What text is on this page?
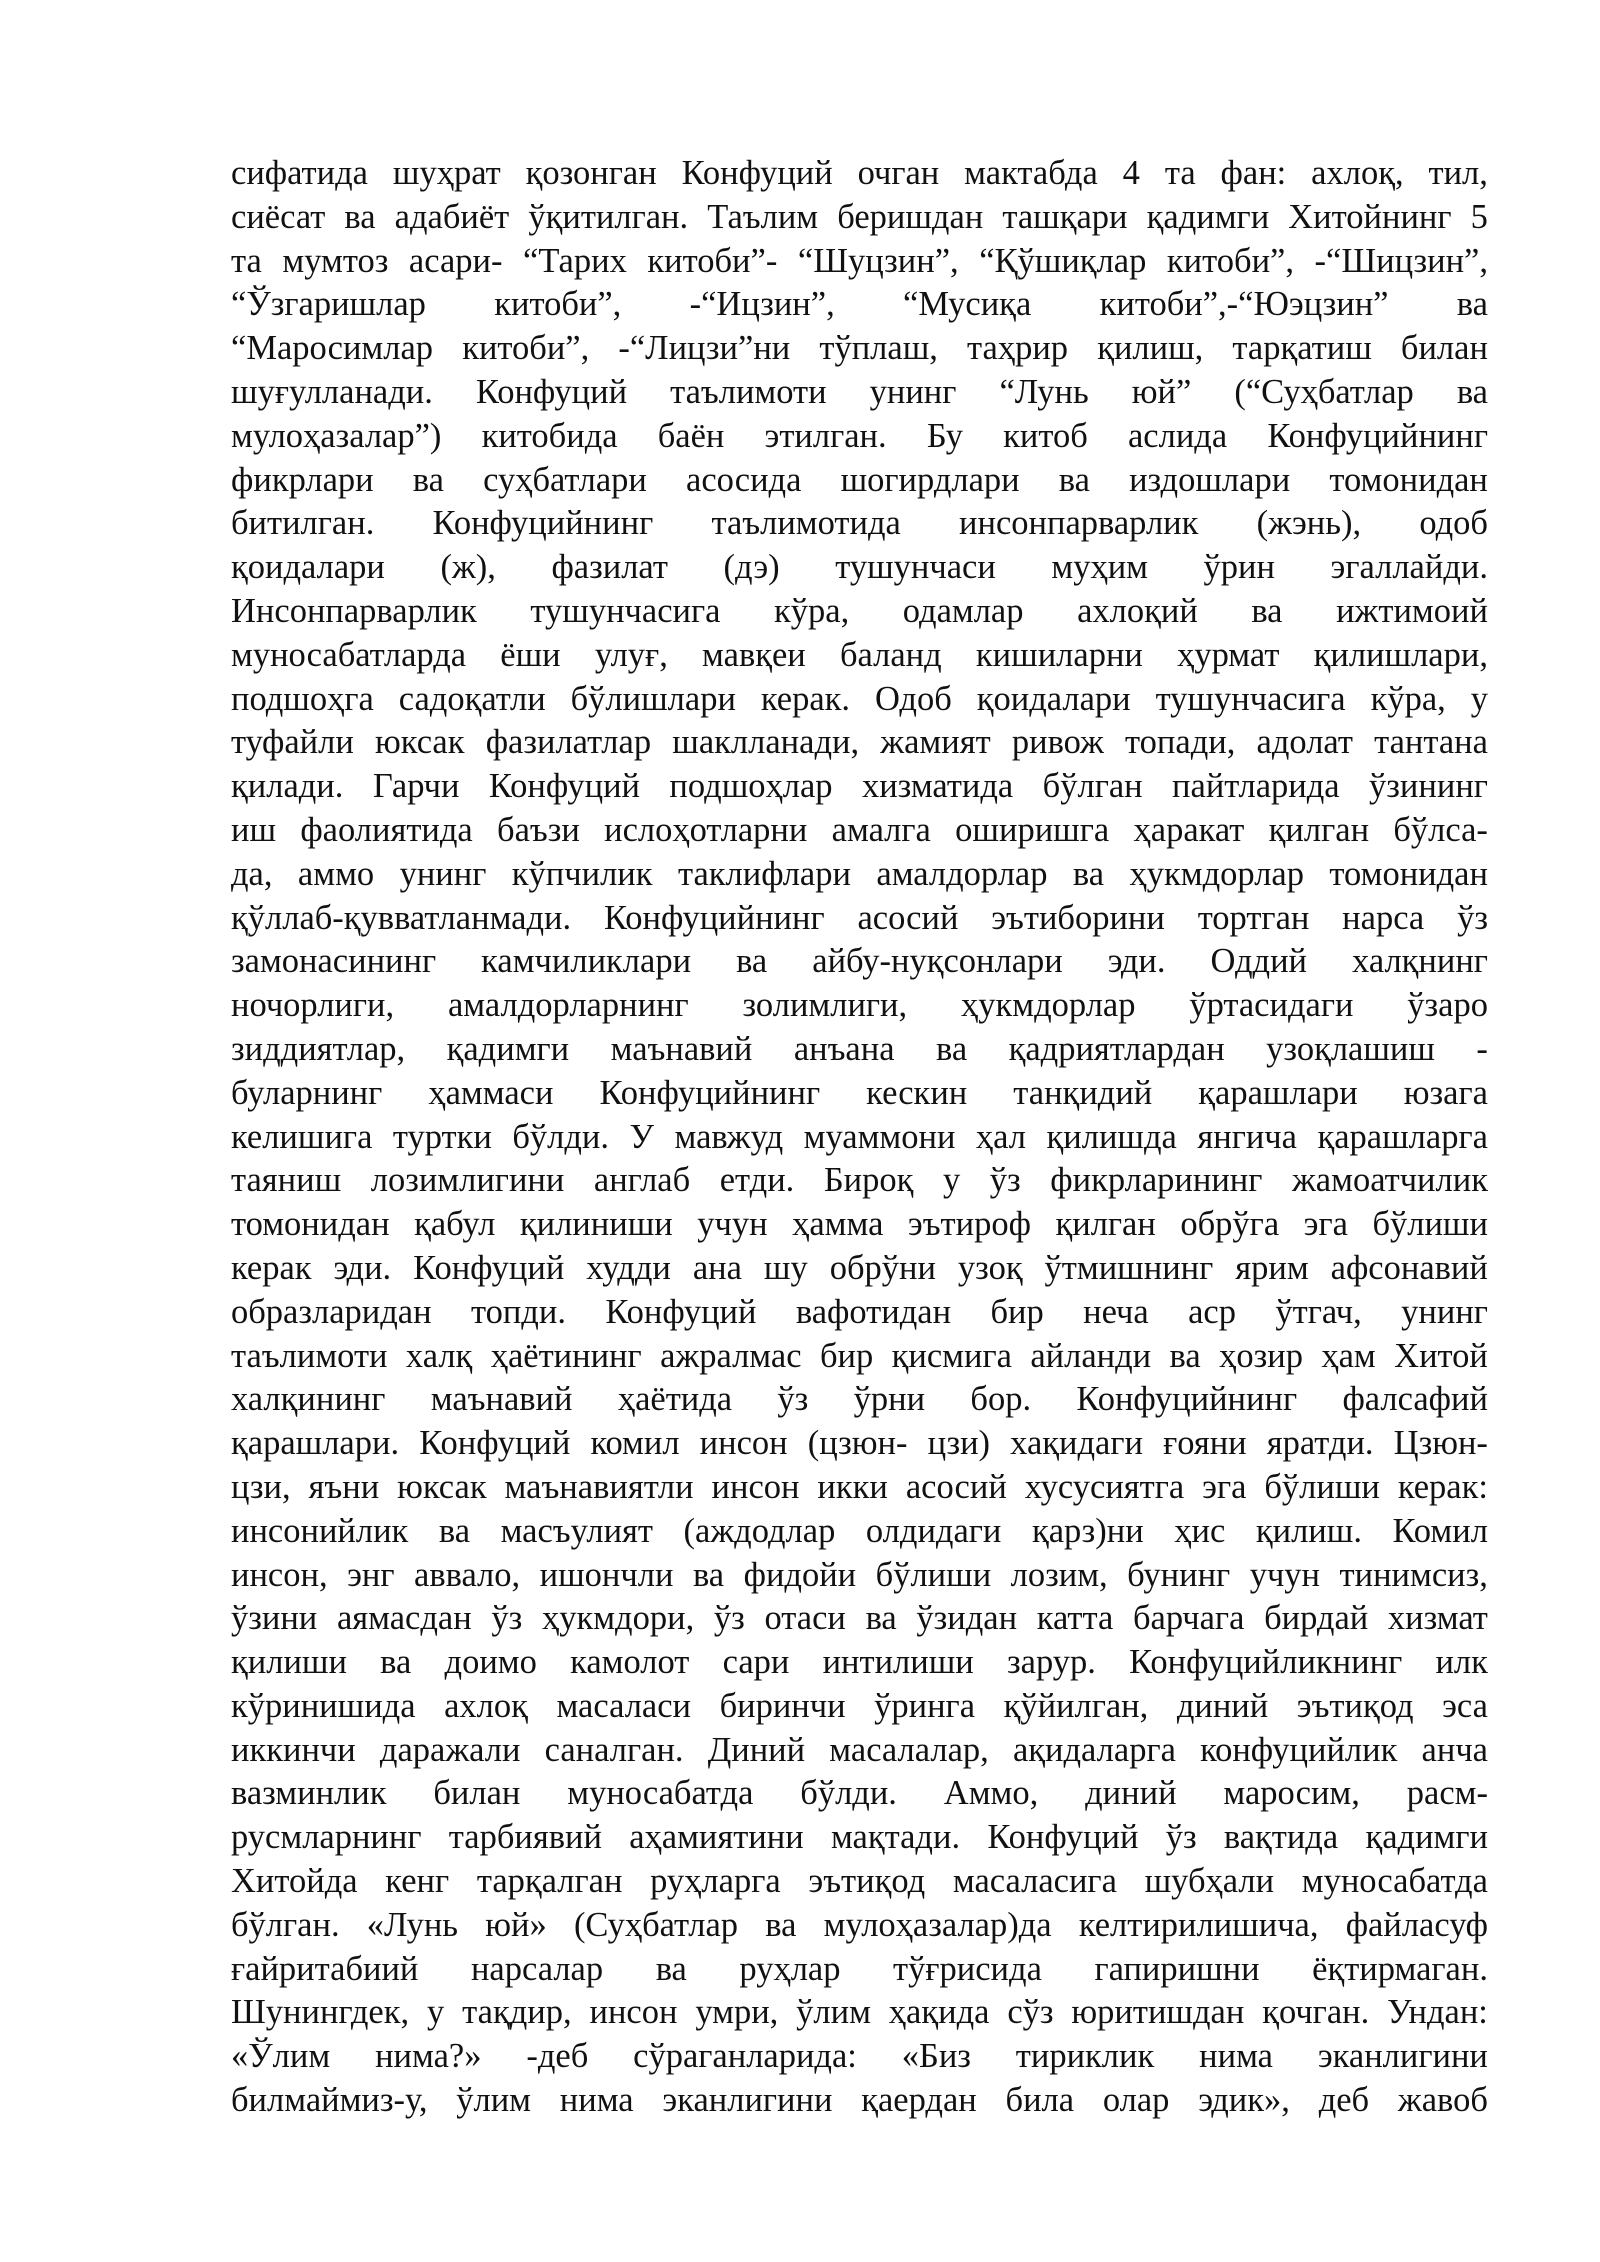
сифатида шуҳрат қозонган Конфуций очган мактабда 4 та фан: ахлоқ, тил,
сиёсат ва адабиёт ўқитилган. Таълим беришдан ташқари қадимги Хитойнинг 5
та мумтоз асари- “Тарих китоби”- “Шуцзин”, “Қўшиқлар китоби”, -“Шицзин”,
“Ўзгаришлар китоби”, -“Ицзин”, “Мусиқа китоби”,-“Юэцзин” ва
“Маросимлар китоби”, -“Лицзи”ни тўплаш, таҳрир қилиш, тарқатиш билан
шуғулланади. Конфуций таълимоти унинг “Лунь юй” (“Суҳбатлар ва
мулоҳазалар”) китобида баён этилган. Бу китоб аслида Конфуцийнинг
фикрлари ва суҳбатлари асосида шогирдлари ва издошлари томонидан
битилган. Конфуцийнинг таълимотида инсонпарварлик (жэнь), одоб
қоидалари (ж), фазилат (дэ) тушунчаси муҳим ўрин эгаллайди.
Инсонпарварлик тушунчасига кўра, одамлар ахлоқий ва ижтимоий
муносабатларда ёши улуғ, мавқеи баланд кишиларни ҳурмат қилишлари,
подшоҳга садоқатли бўлишлари керак. Одоб қоидалари тушунчасига кўра, у
туфайли юксак фазилатлар шаклланади, жамият ривож топади, адолат тантана
қилади. Гарчи Конфуций подшоҳлар хизматида бўлган пайтларида ўзининг
иш фаолиятида баъзи ислоҳотларни амалга оширишга ҳаракат қилган бўлса-
да, аммо унинг кўпчилик таклифлари амалдорлар ва ҳукмдорлар томонидан
қўллаб-қувватланмади. Конфуцийнинг асосий эътиборини тортган нарса ўз
замонасининг камчиликлари ва айбу-нуқсонлари эди. Оддий халқнинг
ночорлиги, амалдорларнинг золимлиги, ҳукмдорлар ўртасидаги ўзаро
зиддиятлар, қадимги маънавий анъана ва қадриятлардан узоқлашиш -
буларнинг ҳаммаси Конфуцийнинг кескин танқидий қарашлари юзага
келишига туртки бўлди. У мавжуд муаммони ҳал қилишда янгича қарашларга
таяниш лозимлигини англаб етди. Бироқ у ўз фикрларининг жамоатчилик
томонидан қабул қилиниши учун ҳамма эътироф қилган обрўга эга бўлиши
керак эди. Конфуций худди ана шу обрўни узоқ ўтмишнинг ярим афсонавий
образларидан топди. Конфуций вафотидан бир неча аср ўтгач, унинг
таълимоти халқ ҳаётининг ажралмас бир қисмига айланди ва ҳозир ҳам Хитой
халқининг маънавий ҳаётида ўз ўрни бор. Конфуцийнинг фалсафий
қарашлари. Конфуций комил инсон (цзюн- цзи) хақидаги ғояни яратди. Цзюн-
цзи, яъни юксак маънавиятли инсон икки асосий хусусиятга эга бўлиши керак:
инсонийлик ва масъулият (аждодлар олдидаги қарз)ни ҳис қилиш. Комил
инсон, энг аввало, ишончли ва фидойи бўлиши лозим, бунинг учун тинимсиз,
ўзини аямасдан ўз ҳукмдори, ўз отаси ва ўзидан катта барчага бирдай хизмат
қилиши ва доимо камолот сари интилиши зарур. Конфуцийликнинг илк
кўринишида ахлоқ масаласи биринчи ўринга қўйилган, диний эътиқод эса
иккинчи даражали саналган. Диний масалалар, ақидаларга конфуцийлик анча
вазминлик билан муносабатда бўлди. Аммо, диний маросим, расм-
русмларнинг тарбиявий аҳамиятини мақтади. Конфуций ўз вақтида қадимги
Хитойда кенг тарқалган руҳларга эътиқод масаласига шубҳали муносабатда
бўлган. «Лунь юй» (Суҳбатлар ва мулоҳазалар)да келтирилишича, файласуф
ғайритабиий нарсалар ва руҳлар тўғрисида гапиришни ёқтирмаган.
Шунингдек, у тақдир, инсон умри, ўлим ҳақида сўз юритишдан қочган. Ундан:
«Ўлим нима?» -деб сўраганларида: «Биз тириклик нима эканлигини
билмаймиз-у, ўлим нима эканлигини қаердан била олар эдик», деб жавоб
